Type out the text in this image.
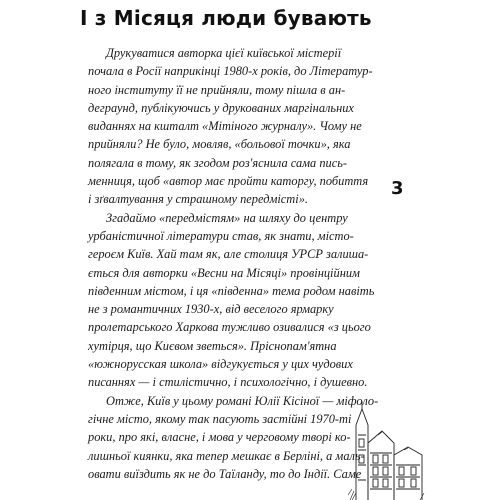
І з Місяця люди бувають

Друкуватися авторка цієї київської містерії
почала в Росії наприкінці 1980-х років, до Літератур-
ного інституту її не прийняли, тому пішла в ан-
деграунд, публікуючись у друкованих маргінальних
виданнях на кшталт «Мітіного журналу». Чому не
прийняли? Не було, мовляв, «больової точки», яка
полягала в тому, як згодом роз'яснила сама пись-
менниця, щоб «автор має пройти каторгу, побиття
і зґвалтування у страшному передмісті».

Згадаймо «передмістям» на шляху до центру
урбаністичної літератури став, як знати, місто-
героєм Київ. Хай там як, але столиця УРСР залиша-
ється для авторки «Весни на Місяці» провінційним
південним містом, і ця «південна» тема родом навіть
не з романтичних 1930-х, від веселого ярмарку
пролетарського Харкова тужливо озивалися «з цього
хутірця, що Києвом зветься». Пріснопам'ятна
«южнорусская школа» відгукується у цих чудових
писаннях — і стилістично, і психологічно, і душевно.

Отже, Київ у цьому романі Юлії Кісіної — міфоло-
гічне місто, якому так пасують застійні 1970-ті
роки, про які, власне, і мова у черговому творі ко-
лишньої киянки, яка тепер мешкає в Берліні, а маль-
овати виїздить як не до Таїланду, то до Індії. Саме

3
